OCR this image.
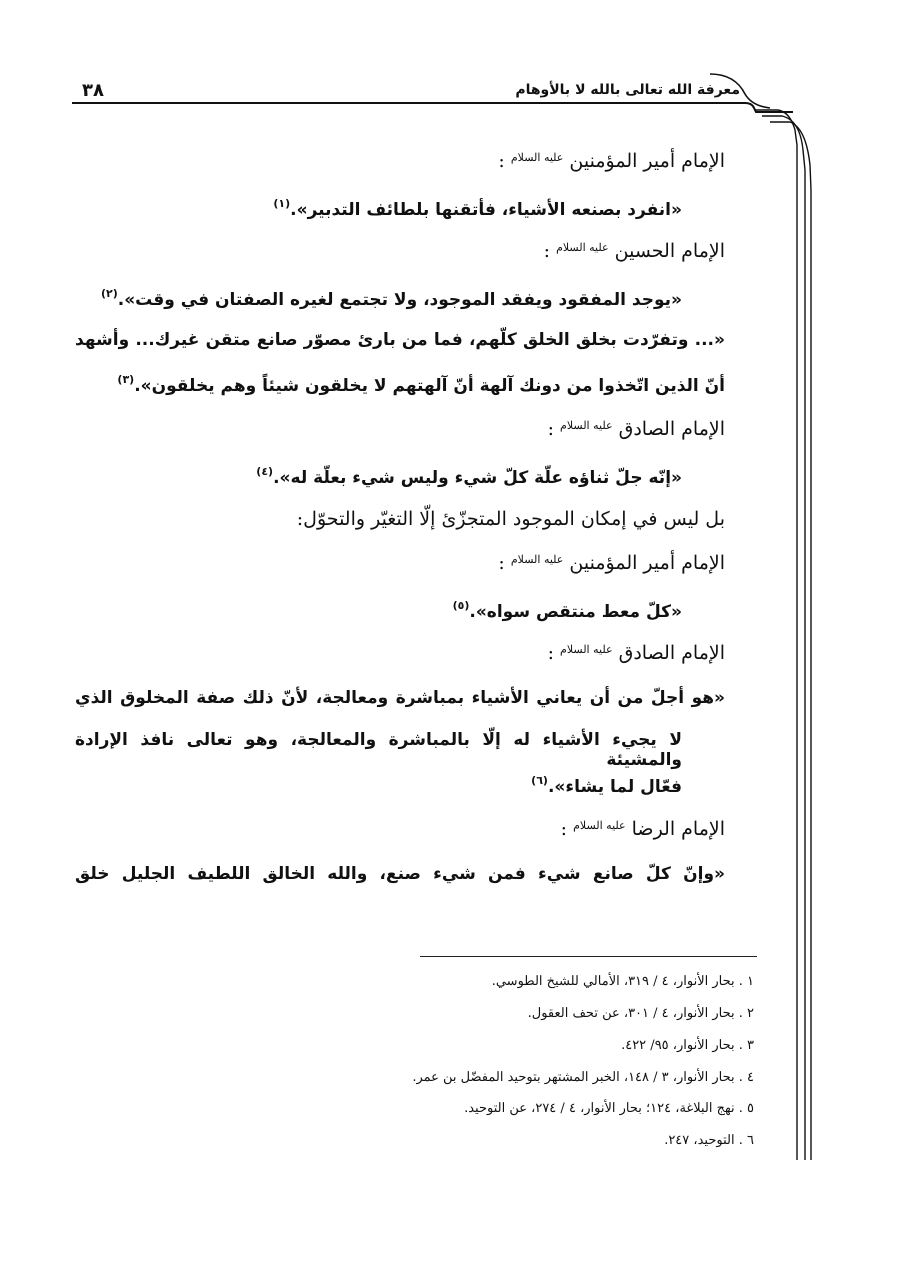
معرفة الله تعالى بالله لا بالأوهام
٣٨
الإمام أمير المؤمنين $^{عليه السلام}$ :
«انفرد بصنعه الأشياء، فأتقنها بلطائف التدبير».$^{(١)}$
الإمام الحسين $^{عليه السلام}$ :
«يوجد المفقود ويفقد الموجود، ولا تجتمع لغيره الصفتان في وقت».$^{(٢)}$
«... وتفرّدت بخلق الخلق كلّهم، فما من بارئ مصوّر صانع متقن غيرك... وأشهد
أنّ الذين اتّخذوا من دونك آلهة أنّ آلهتهم لا يخلقون شيئاً وهم يخلقون».$^{(٣)}$
الإمام الصادق $^{عليه السلام}$ :
«إنّه جلّ ثناؤه علّة كلّ شيء وليس شيء بعلّة له».$^{(٤)}$
بل ليس في إمكان الموجود المتجزّئ إلّا التغيّر والتحوّل:
الإمام أمير المؤمنين $^{عليه السلام}$ :
«كلّ معط منتقص سواه».$^{(٥)}$
الإمام الصادق $^{عليه السلام}$ :
«هو أجلّ من أن يعاني الأشياء بمباشرة ومعالجة، لأنّ ذلك صفة المخلوق الذي
لا يجيء الأشياء له إلّا بالمباشرة والمعالجة، وهو تعالى نافذ الإرادة والمشيئة
فعّال لما يشاء».$^{(٦)}$
الإمام الرضا $^{عليه السلام}$ :
«وإنّ كلّ صانع شيء فمن شيء صنع، والله الخالق اللطيف الجليل خلق
١ . بحار الأنوار، ٤ / ٣١٩، الأمالي للشيخ الطوسي.
٢ . بحار الأنوار، ٤ / ٣٠١، عن تحف العقول.
٣ . بحار الأنوار، ٩٥/ ٤٢٢.
٤ . بحار الأنوار، ٣ / ١٤٨، الخبر المشتهر بتوحيد المفضّل بن عمر.
٥ . نهج البلاغة، ١٢٤؛ بحار الأنوار، ٤ / ٢٧٤، عن التوحيد.
٦ . التوحيد، ٢٤٧.
